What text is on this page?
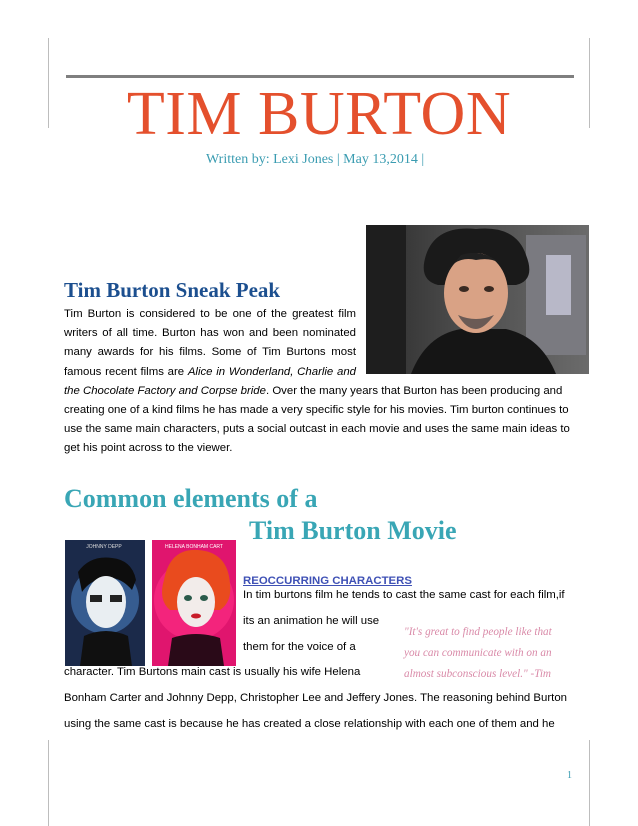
TIM BURTON
Written by: Lexi Jones | May 13,2014 |
Tim Burton Sneak Peak
Tim Burton is considered to be one of the greatest film
writers of all time. Burton has won and been nominated
many awards for his films. Some of Tim Burtons most
famous recent films are Alice in Wonderland, Charlie and
the Chocolate Factory and Corpse bride. Over the many years that Burton has been producing and
creating one of a kind films he has made a very specific style for his movies. Tim burton continues to
use the same main characters, puts a social outcast in each movie and uses the same main ideas to
get his point across to the viewer.
Common elements of a
Tim Burton Movie
JOHNNY DEPP	HELENA BONHAM CART
REOCCURRING CHARACTERS
In tim burtons film he tends to cast the same cast for each film,if
its an animation he will use
them for the voice of a
character. Tim Burtons main cast is usually his wife Helena
Bonham Carter and Johnny Depp, Christopher Lee and Jeffery Jones. The reasoning behind Burton
using the same cast is because he has created a close relationship with each one of them and he
"It's great to find people like that
you can communicate with on an
almost subconscious level." -Tim
1
